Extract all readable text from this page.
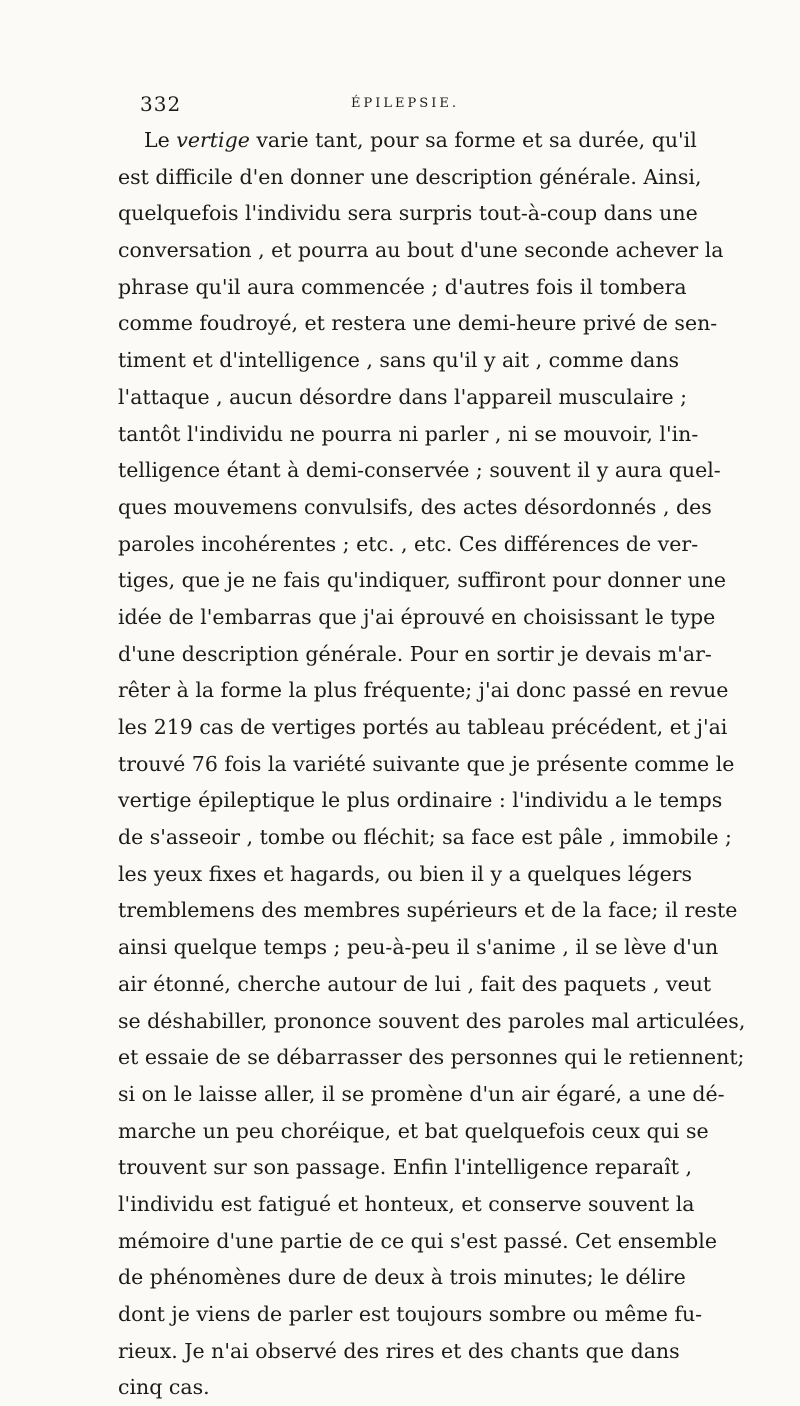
332	ÉPILEPSIE.
Le vertige varie tant, pour sa forme et sa durée, qu'il
est difficile d'en donner une description générale. Ainsi,
quelquefois l'individu sera surpris tout-à-coup dans une
conversation , et pourra au bout d'une seconde achever la
phrase qu'il aura commencée ; d'autres fois il tombera
comme foudroyé, et restera une demi-heure privé de sen-
timent et d'intelligence , sans qu'il y ait , comme dans
l'attaque , aucun désordre dans l'appareil musculaire ;
tantôt l'individu ne pourra ni parler , ni se mouvoir, l'in-
telligence étant à demi-conservée ; souvent il y aura quel-
ques mouvemens convulsifs, des actes désordonnés , des
paroles incohérentes ; etc. , etc. Ces différences de ver-
tiges, que je ne fais qu'indiquer, suffiront pour donner une
idée de l'embarras que j'ai éprouvé en choisissant le type
d'une description générale. Pour en sortir je devais m'ar-
rêter à la forme la plus fréquente; j'ai donc passé en revue
les 219 cas de vertiges portés au tableau précédent, et j'ai
trouvé 76 fois la variété suivante que je présente comme le
vertige épileptique le plus ordinaire : l'individu a le temps
de s'asseoir , tombe ou fléchit; sa face est pâle , immobile ;
les yeux fixes et hagards, ou bien il y a quelques légers
tremblemens des membres supérieurs et de la face; il reste
ainsi quelque temps ; peu-à-peu il s'anime , il se lève d'un
air étonné, cherche autour de lui , fait des paquets , veut
se déshabiller, prononce souvent des paroles mal articulées,
et essaie de se débarrasser des personnes qui le retiennent;
si on le laisse aller, il se promène d'un air égaré, a une dé-
marche un peu choréique, et bat quelquefois ceux qui se
trouvent sur son passage. Enfin l'intelligence reparaît ,
l'individu est fatigué et honteux, et conserve souvent la
mémoire d'une partie de ce qui s'est passé. Cet ensemble
de phénomènes dure de deux à trois minutes; le délire
dont je viens de parler est toujours sombre ou même fu-
rieux. Je n'ai observé des rires et des chants que dans
cinq cas.
